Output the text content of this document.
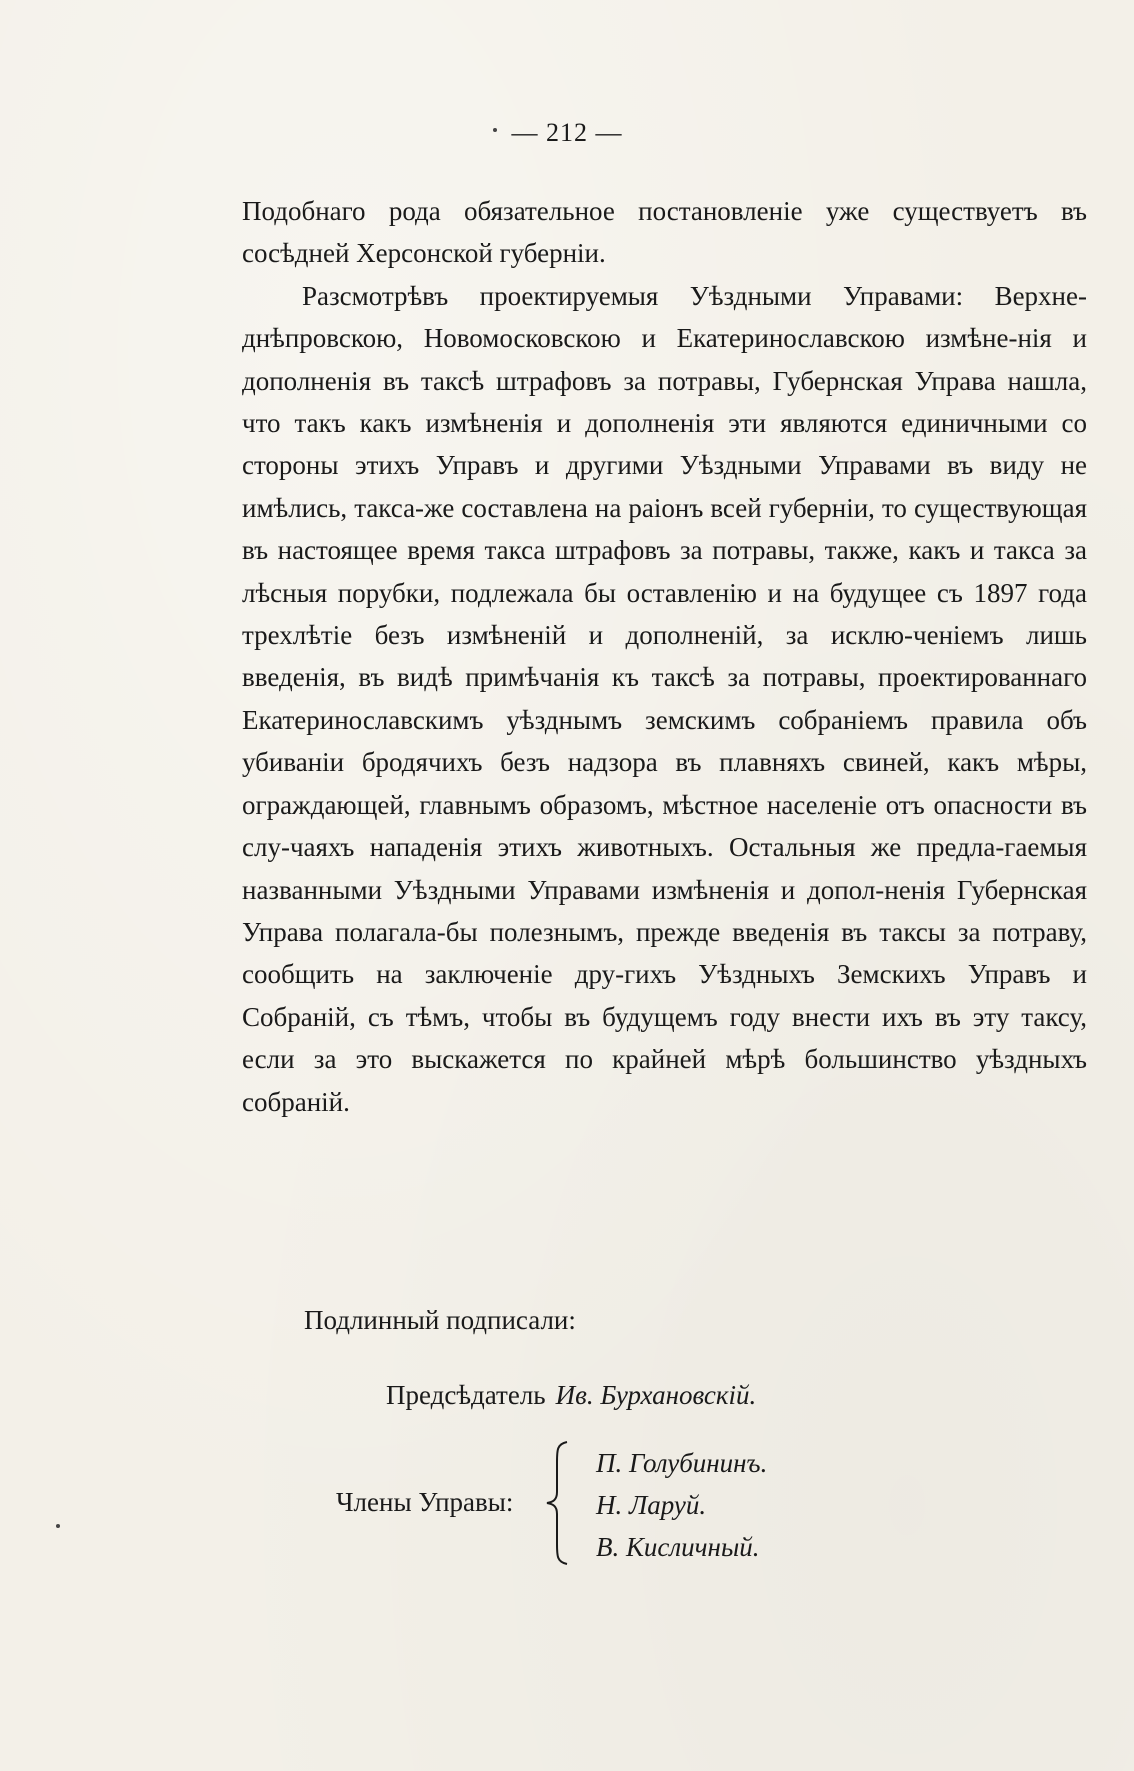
— 212 —

Подобнаго рода обязательное постановленіе уже существуетъ въ сосѣдней Херсонской губерніи.

Разсмотрѣвъ проектируемыя Уѣздными Управами: Верхне-днѣпровскою, Новомосковскою и Екатеринославскою измѣне-нія и дополненія въ таксѣ штрафовъ за потравы, Губернская Управа нашла, что такъ какъ измѣненія и дополненія эти являются единичными со стороны этихъ Управъ и другими Уѣздными Управами въ виду не имѣлись, такса-же составлена на раіонъ всей губерніи, то существующая въ настоящее время такса штрафовъ за потравы, также, какъ и такса за лѣсныя порубки, подлежала бы оставленію и на будущее съ 1897 года трехлѣтіе безъ измѣненій и дополненій, за исклю-ченіемъ лишь введенія, въ видѣ примѣчанія къ таксѣ за потравы, проектированнаго Екатеринославскимъ уѣзднымъ земскимъ собраніемъ правила объ убиваніи бродячихъ безъ надзора въ плавняхъ свиней, какъ мѣры, ограждающей, главнымъ образомъ, мѣстное населеніе отъ опасности въ слу-чаяхъ нападенія этихъ животныхъ. Остальныя же предла-гаемыя названными Уѣздными Управами измѣненія и допол-ненія Губернская Управа полагала-бы полезнымъ, прежде введенія въ таксы за потраву, сообщить на заключеніе дру-гихъ Уѣздныхъ Земскихъ Управъ и Собраній, съ тѣмъ, чтобы въ будущемъ году внести ихъ въ эту таксу, если за это выскажется по крайней мѣрѣ большинство уѣздныхъ собраній.

Подлинный подписали:
Предсѣдатель Ив. Бурхановскій.
Члены Управы:
П. Голубининъ.
Н. Ларуй.
В. Кисличный.
